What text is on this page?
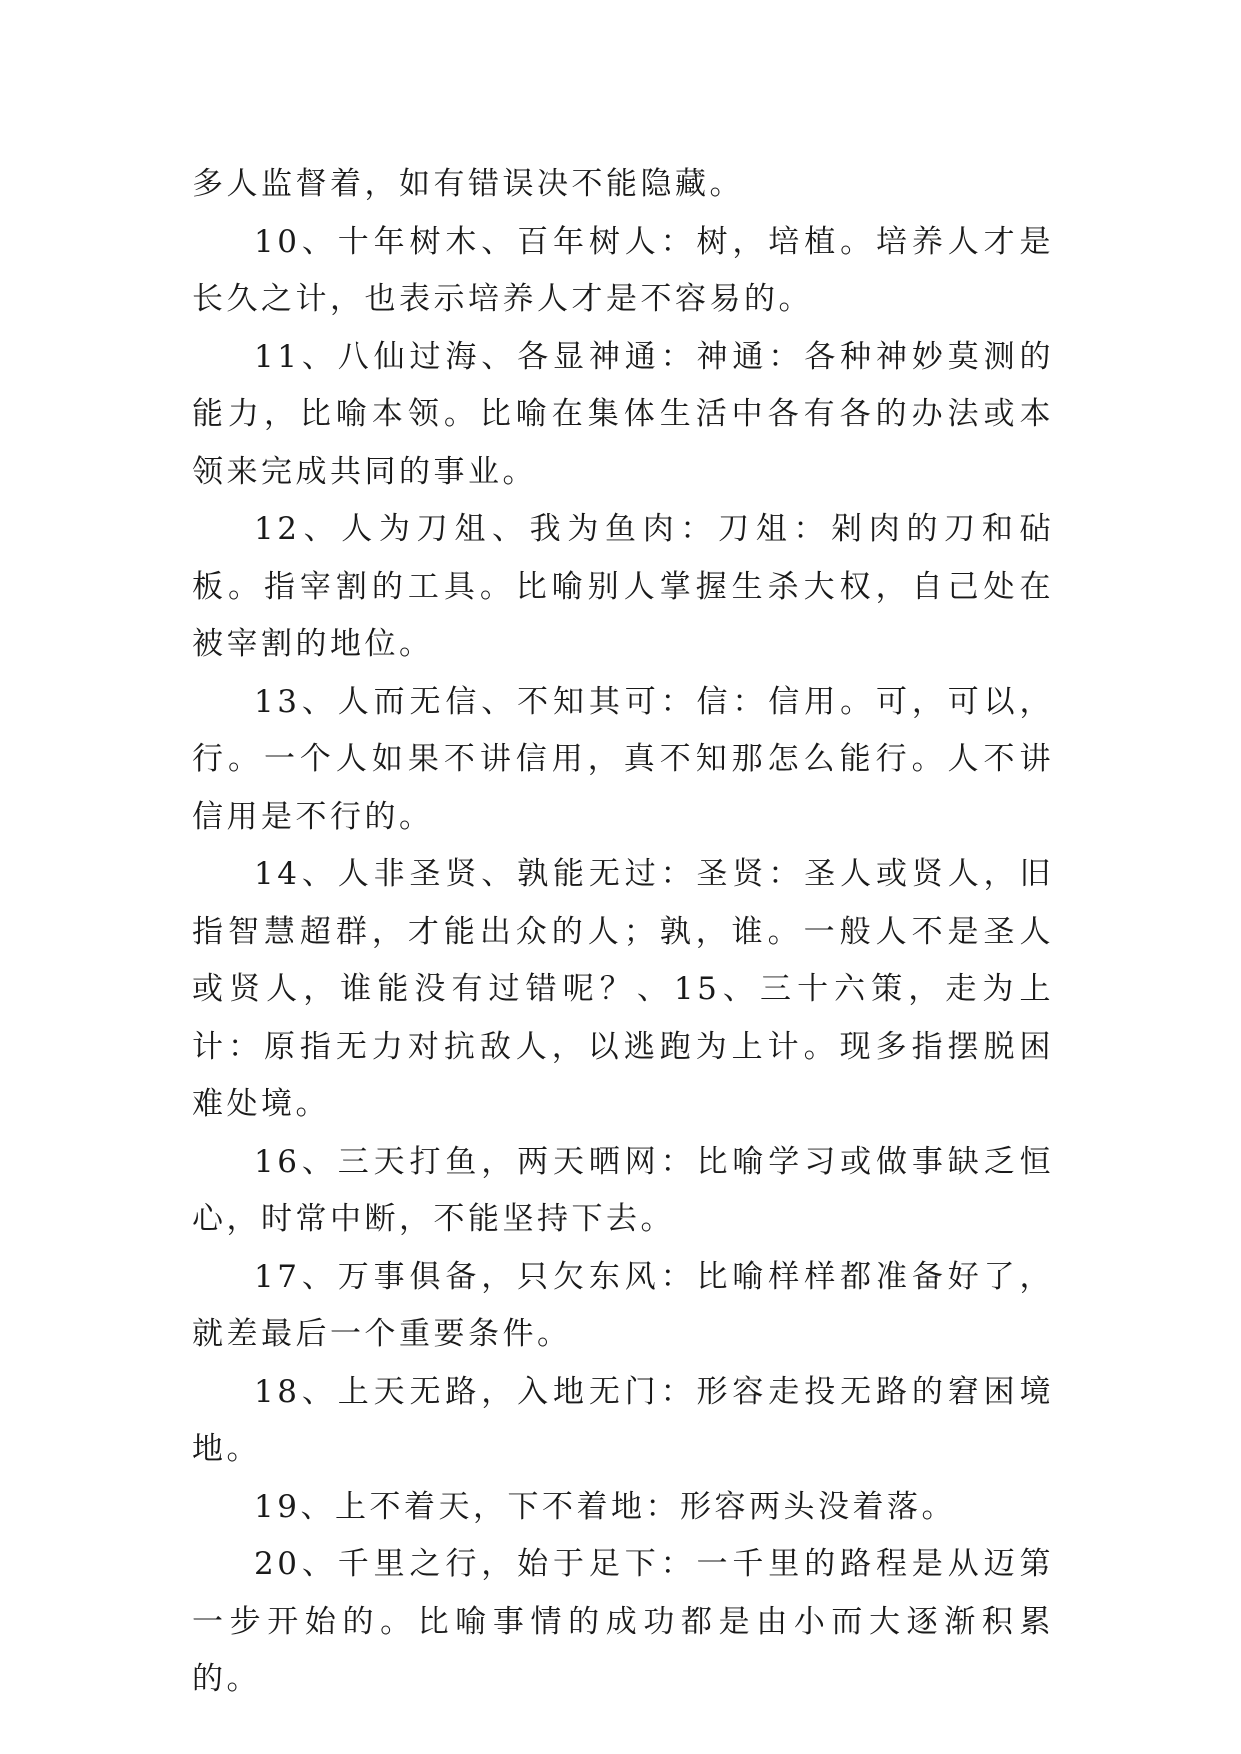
多人监督着，如有错误决不能隐藏。

10、十年树木、百年树人：树，培植。培养人才是长久之计，也表示培养人才是不容易的。

11、八仙过海、各显神通：神通：各种神妙莫测的能力，比喻本领。比喻在集体生活中各有各的办法或本领来完成共同的事业。

12、人为刀俎、我为鱼肉：刀俎：剁肉的刀和砧板。指宰割的工具。比喻别人掌握生杀大权，自己处在被宰割的地位。

13、人而无信、不知其可：信：信用。可，可以，行。一个人如果不讲信用，真不知那怎么能行。人不讲信用是不行的。

14、人非圣贤、孰能无过：圣贤：圣人或贤人，旧指智慧超群，才能出众的人；孰，谁。一般人不是圣人或贤人，谁能没有过错呢？、15、三十六策，走为上计：原指无力对抗敌人，以逃跑为上计。现多指摆脱困难处境。

16、三天打鱼，两天晒网：比喻学习或做事缺乏恒心，时常中断，不能坚持下去。

17、万事俱备，只欠东风：比喻样样都准备好了，就差最后一个重要条件。

18、上天无路，入地无门：形容走投无路的窘困境地。

19、上不着天，下不着地：形容两头没着落。

20、千里之行，始于足下：一千里的路程是从迈第一步开始的。比喻事情的成功都是由小而大逐渐积累的。
